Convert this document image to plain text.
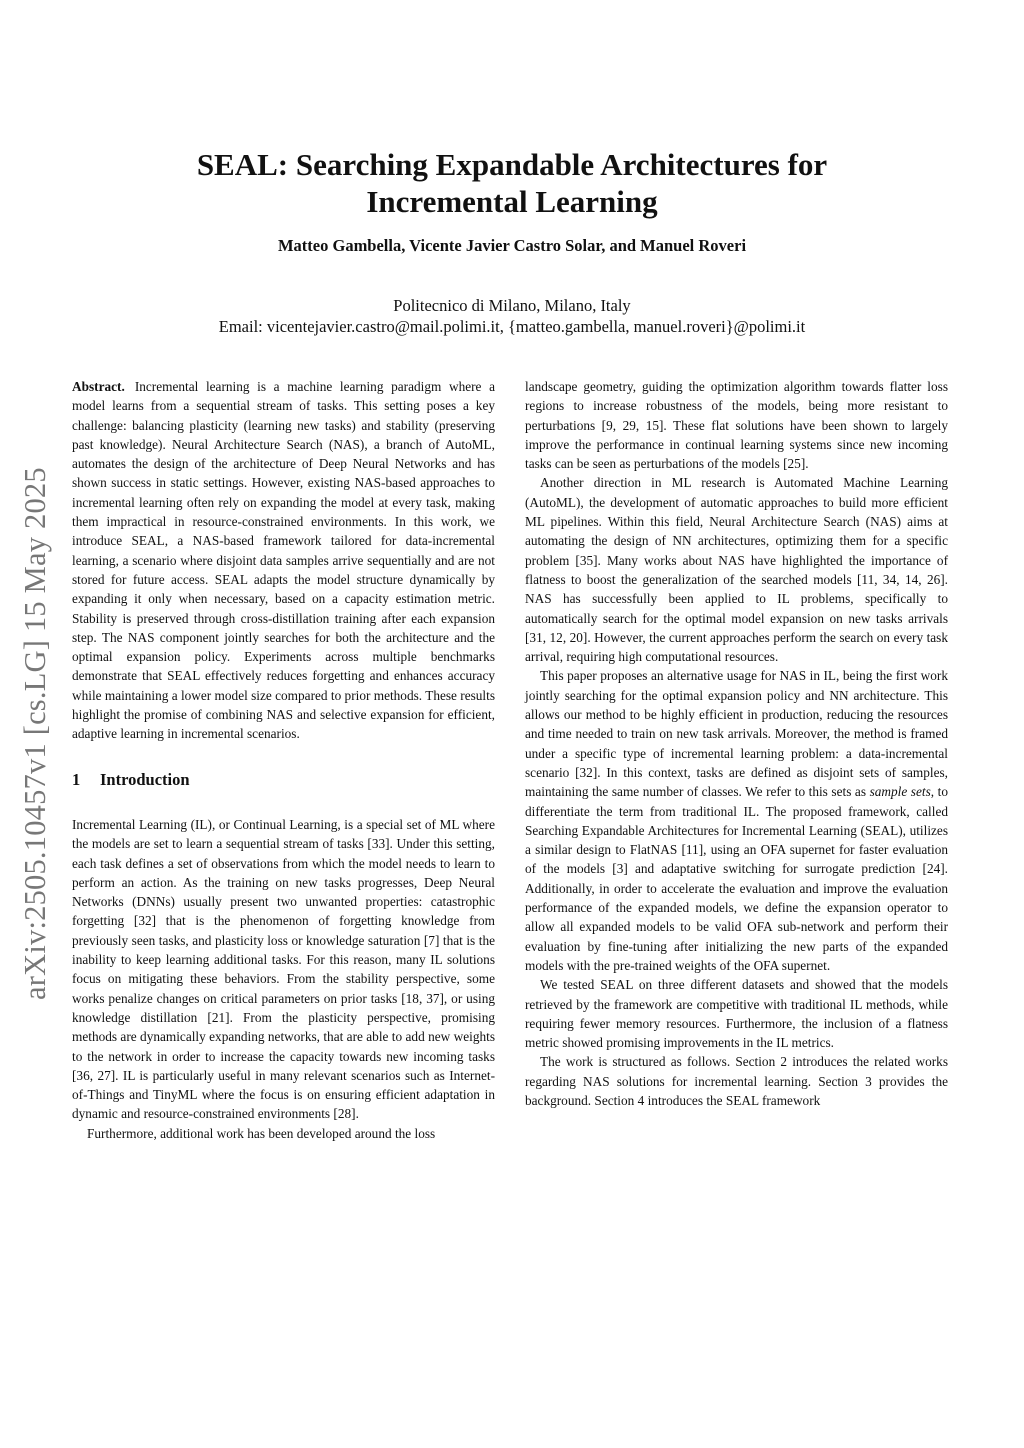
SEAL: Searching Expandable Architectures for
Incremental Learning
Matteo Gambella, Vicente Javier Castro Solar, and Manuel Roveri
Politecnico di Milano, Milano, Italy
Email: vicentejavier.castro@mail.polimi.it, {matteo.gambella, manuel.roveri}@polimi.it
arXiv:2505.10457v1 [cs.LG] 15 May 2025

Abstract. Incremental learning is a machine learning paradigm where a model learns from a sequential stream of tasks. This setting poses a key challenge: balancing plasticity (learning new tasks) and stability (preserving past knowledge). Neural Architecture Search (NAS), a branch of AutoML, automates the design of the architecture of Deep Neural Networks and has shown success in static settings. However, existing NAS-based approaches to incremental learning often rely on expanding the model at every task, making them impractical in resource-constrained environments. In this work, we introduce SEAL, a NAS-based framework tailored for data-incremental learning, a scenario where disjoint data samples arrive sequentially and are not stored for future access. SEAL adapts the model structure dynamically by expanding it only when necessary, based on a capacity estimation metric. Stability is preserved through cross-distillation training after each expansion step. The NAS component jointly searches for both the architecture and the optimal expansion policy. Experiments across multiple benchmarks demonstrate that SEAL effectively reduces forgetting and enhances accuracy while maintaining a lower model size compared to prior methods. These results highlight the promise of combining NAS and selective expansion for efficient, adaptive learning in incremental scenarios.

1 Introduction

Incremental Learning (IL), or Continual Learning, is a special set of ML where the models are set to learn a sequential stream of tasks [33]. Under this setting, each task defines a set of observations from which the model needs to learn to perform an action. As the training on new tasks progresses, Deep Neural Networks (DNNs) usually present two unwanted properties: catastrophic forgetting [32] that is the phenomenon of forgetting knowledge from previously seen tasks, and plasticity loss or knowledge saturation [7] that is the inability to keep learning additional tasks. For this reason, many IL solutions focus on mitigating these behaviors. From the stability perspective, some works penalize changes on critical parameters on prior tasks [18, 37], or using knowledge distillation [21]. From the plasticity perspective, promising methods are dynamically expanding networks, that are able to add new weights to the network in order to increase the capacity towards new incoming tasks [36, 27]. IL is particularly useful in many relevant scenarios such as Internet-of-Things and TinyML where the focus is on ensuring efficient adaptation in dynamic and resource-constrained environments [28].

Furthermore, additional work has been developed around the loss

landscape geometry, guiding the optimization algorithm towards flatter loss regions to increase robustness of the models, being more resistant to perturbations [9, 29, 15]. These flat solutions have been shown to largely improve the performance in continual learning systems since new incoming tasks can be seen as perturbations of the models [25].

Another direction in ML research is Automated Machine Learning (AutoML), the development of automatic approaches to build more efficient ML pipelines. Within this field, Neural Architecture Search (NAS) aims at automating the design of NN architectures, optimizing them for a specific problem [35]. Many works about NAS have highlighted the importance of flatness to boost the generalization of the searched models [11, 34, 14, 26]. NAS has successfully been applied to IL problems, specifically to automatically search for the optimal model expansion on new tasks arrivals [31, 12, 20]. However, the current approaches perform the search on every task arrival, requiring high computational resources.

This paper proposes an alternative usage for NAS in IL, being the first work jointly searching for the optimal expansion policy and NN architecture. This allows our method to be highly efficient in production, reducing the resources and time needed to train on new task arrivals. Moreover, the method is framed under a specific type of incremental learning problem: a data-incremental scenario [32]. In this context, tasks are defined as disjoint sets of samples, maintaining the same number of classes. We refer to this sets as sample sets, to differentiate the term from traditional IL. The proposed framework, called Searching Expandable Architectures for Incremental Learning (SEAL), utilizes a similar design to FlatNAS [11], using an OFA supernet for faster evaluation of the models [3] and adaptative switching for surrogate prediction [24]. Additionally, in order to accelerate the evaluation and improve the evaluation performance of the expanded models, we define the expansion operator to allow all expanded models to be valid OFA sub-network and perform their evaluation by fine-tuning after initializing the new parts of the expanded models with the pre-trained weights of the OFA supernet.

We tested SEAL on three different datasets and showed that the models retrieved by the framework are competitive with traditional IL methods, while requiring fewer memory resources. Furthermore, the inclusion of a flatness metric showed promising improvements in the IL metrics.

The work is structured as follows. Section 2 introduces the related works regarding NAS solutions for incremental learning. Section 3 provides the background. Section 4 introduces the SEAL framework
